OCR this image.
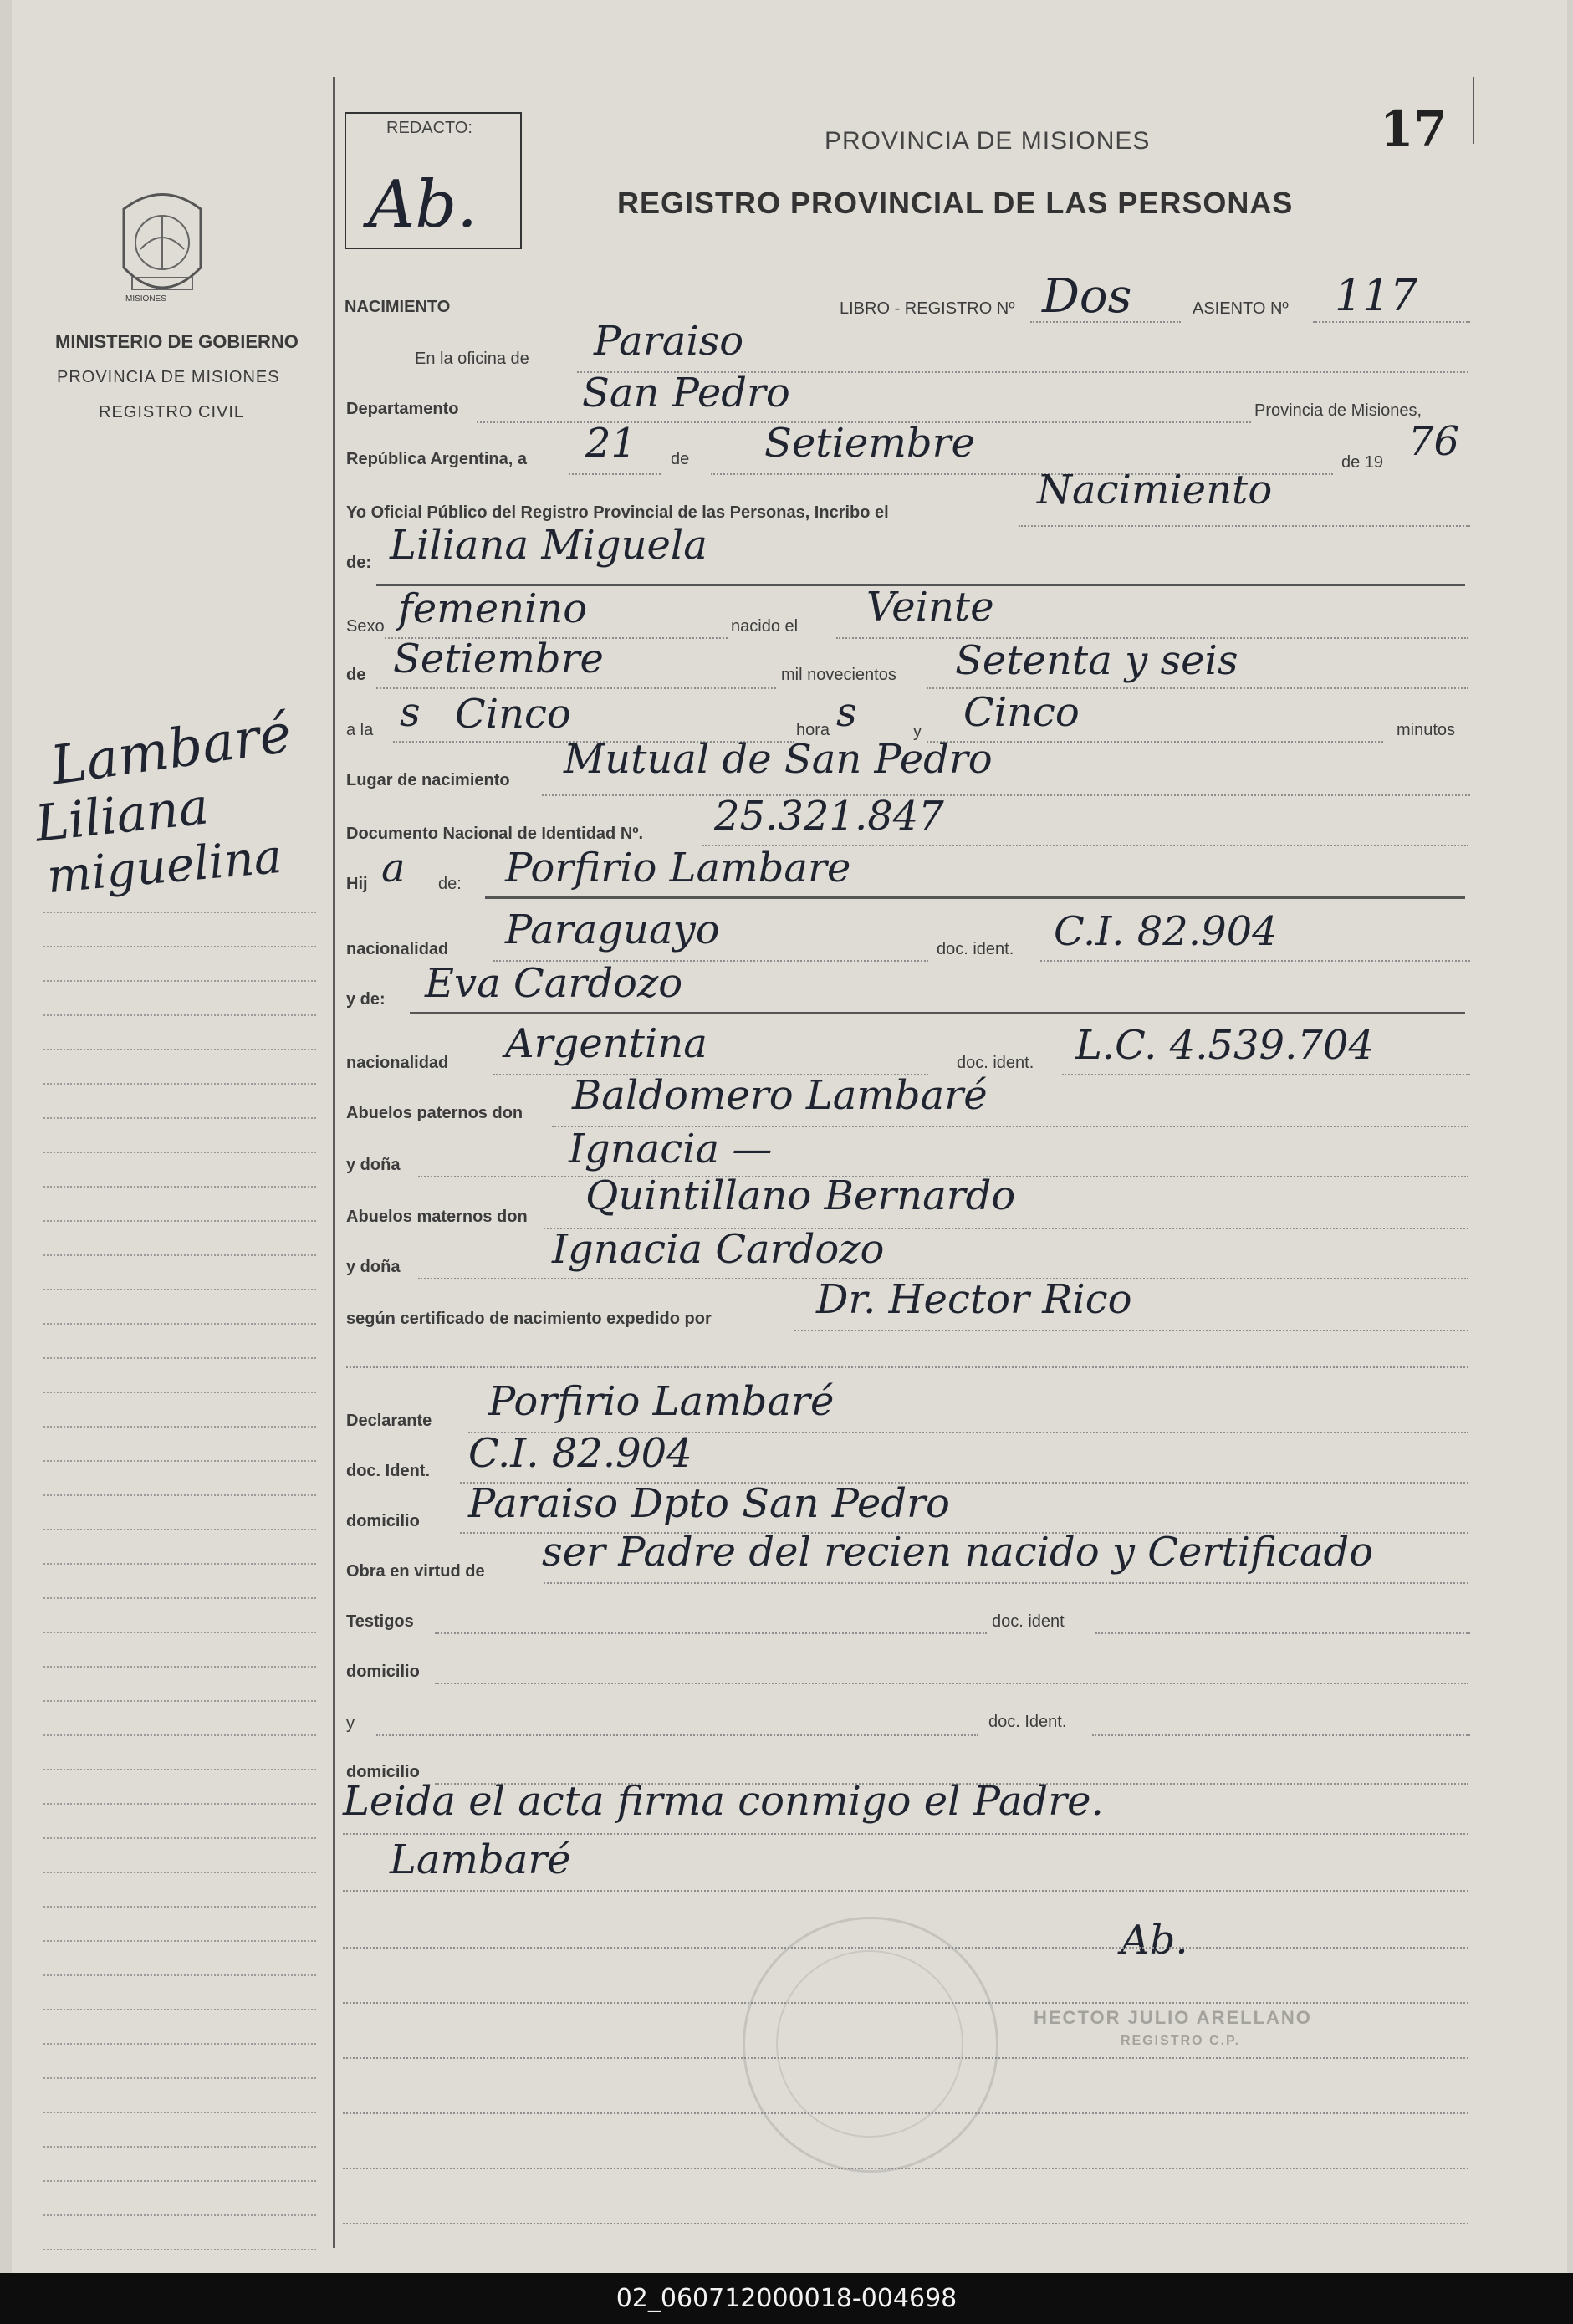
MISIONES
MINISTERIO DE GOBIERNO
PROVINCIA DE MISIONES
REGISTRO CIVIL
REDACTO:
Ab.
PROVINCIA DE MISIONES
REGISTRO PROVINCIAL DE LAS PERSONAS
17
NACIMIENTO	LIBRO - REGISTRO Nº Dos	ASIENTO Nº 117
Lambaré
Liliana
miguelina
En la oficina de Paraiso
Departamento	San Pedro	Provincia de Misiones,
República Argentina, a 21 de Setiembre	de 19 76
Yo Oficial Público del Registro Provincial de las Personas, Incribo el	Nacimiento
de: Liliana Miguela
Sexo femenino	nacido el Veinte
de Setiembre	mil novecientos Setenta y seis
a la s Cinco	hora s	y Cinco	minutos
Lugar de nacimiento Mutual de San Pedro
Documento Nacional de Identidad Nº. 25.321.847
Hij a de: Porfirio Lambare
nacionalidad Paraguayo	doc. ident. C.I. 82.904
y de: Eva Cardozo
nacionalidad Argentina	doc. ident. L.C. 4.539.704
Abuelos paternos don Baldomero Lambaré
y doña	Ignacia —
Abuelos maternos don Quintillano Bernardo
y doña	Ignacia Cardozo
según certificado de nacimiento expedido por	Dr. Hector Rico
Declarante Porfirio Lambaré
doc. Ident. C.I. 82.904
domicilio Paraiso Dpto San Pedro
Obra en virtud de ser Padre del recien nacido y Certificado
Testigos	doc. ident
domicilio
y	doc. Ident.
domicilio
Leida el acta firma conmigo el Padre.
Lambaré
Ab.
HECTOR JULIO ARELLANO
REGISTRO C.P.
02_060712000018-004698
